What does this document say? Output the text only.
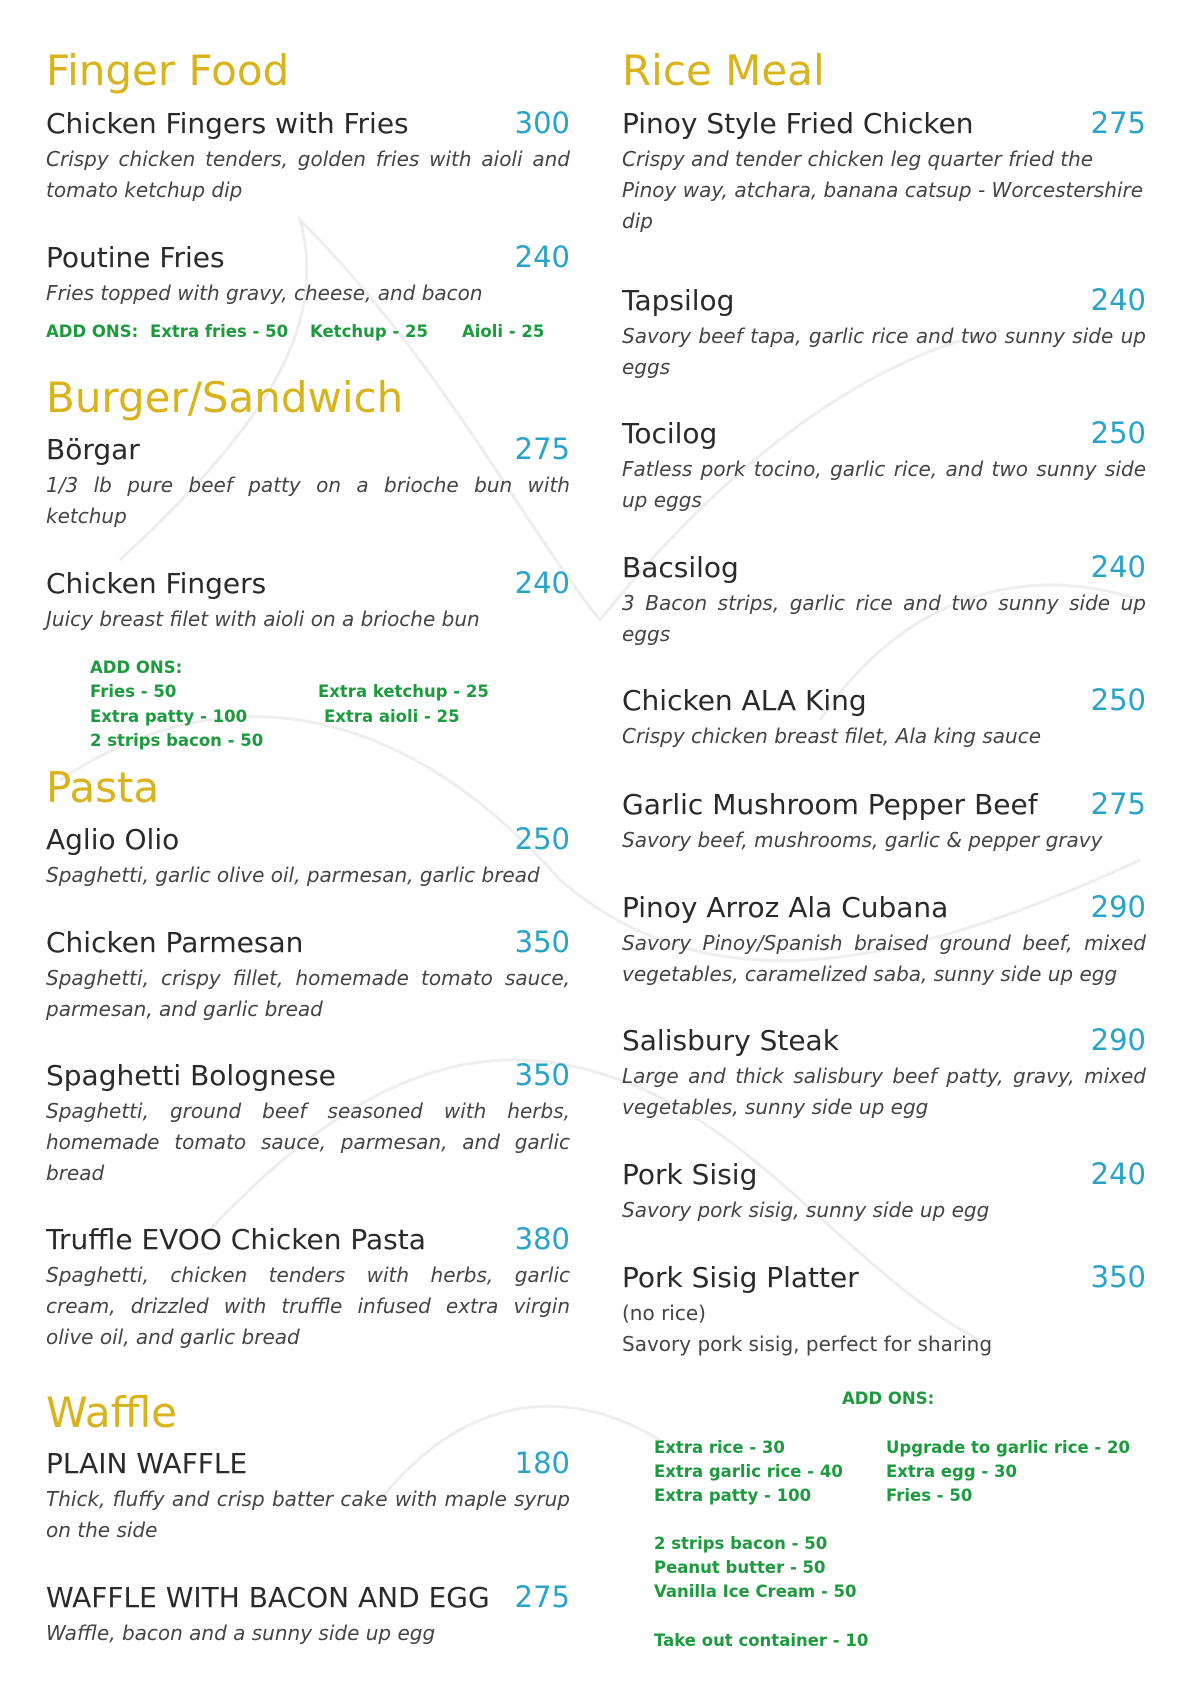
Finger Food
Chicken Fingers with Fries	300
Crispy chicken tenders, golden fries with aioli and tomato ketchup dip
Poutine Fries	240
Fries topped with gravy, cheese, and bacon
ADD ONS: Extra fries - 50 Ketchup - 25 Aioli - 25
Burger/Sandwich
Börgar	275
1/3 lb pure beef patty on a brioche bun with ketchup
Chicken Fingers	240
Juicy breast filet with aioli on a brioche bun
ADD ONS:
Fries - 50
Extra patty - 100
2 strips bacon - 50
Extra ketchup - 25
Extra aioli - 25
Pasta
Aglio Olio	250
Spaghetti, garlic olive oil, parmesan, garlic bread
Chicken Parmesan	350
Spaghetti, crispy fillet, homemade tomato sauce, parmesan, and garlic bread
Spaghetti Bolognese	350
Spaghetti, ground beef seasoned with herbs, homemade tomato sauce, parmesan, and garlic bread
Truffle EVOO Chicken Pasta	380
Spaghetti, chicken tenders with herbs, garlic cream, drizzled with truffle infused extra virgin olive oil, and garlic bread
Waffle
PLAIN WAFFLE	180
Thick, fluffy and crisp batter cake with maple syrup on the side
WAFFLE WITH BACON AND EGG 275
Waffle, bacon and a sunny side up egg
Rice Meal
Pinoy Style Fried Chicken	275
Crispy and tender chicken leg quarter fried the Pinoy way, atchara, banana catsup - Worcestershire dip
Tapsilog	240
Savory beef tapa, garlic rice and two sunny side up eggs
Tocilog	250
Fatless pork tocino, garlic rice, and two sunny side up eggs
Bacsilog	240
3 Bacon strips, garlic rice and two sunny side up eggs
Chicken ALA King	250
Crispy chicken breast filet, Ala king sauce
Garlic Mushroom Pepper Beef 275
Savory beef, mushrooms, garlic & pepper gravy
Pinoy Arroz Ala Cubana	290
Savory Pinoy/Spanish braised ground beef, mixed vegetables, caramelized saba, sunny side up egg
Salisbury Steak	290
Large and thick salisbury beef patty, gravy, mixed vegetables, sunny side up egg
Pork Sisig	240
Savory pork sisig, sunny side up egg
Pork Sisig Platter	350
(no rice)
Savory pork sisig, perfect for sharing
ADD ONS:
Extra rice - 30
Extra garlic rice - 40
Extra patty - 100
Upgrade to garlic rice - 20
Extra egg - 30
Fries - 50
2 strips bacon - 50
Peanut butter - 50
Vanilla Ice Cream - 50
Take out container - 10
